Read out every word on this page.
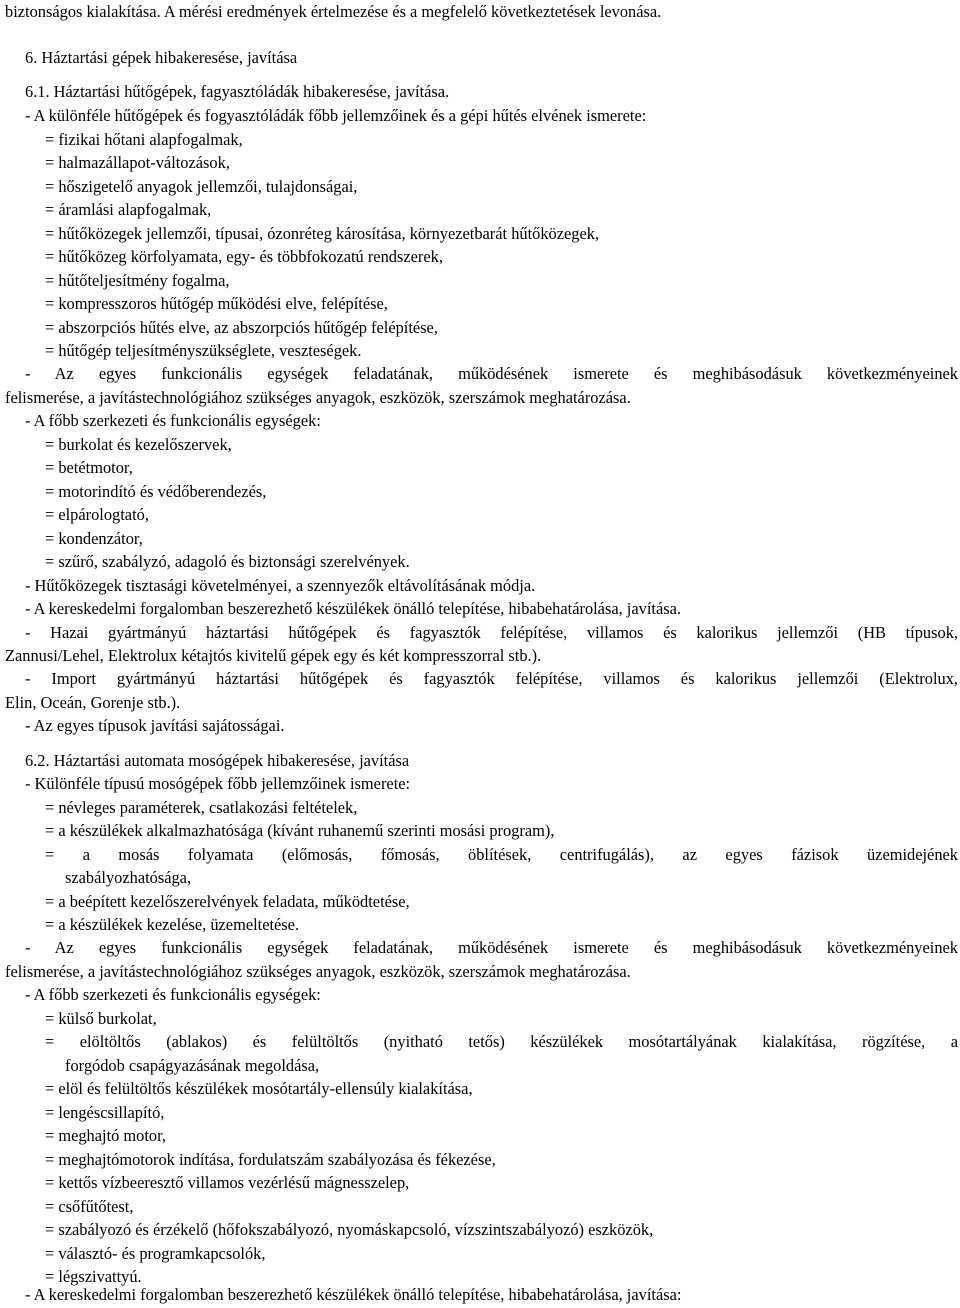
biztonságos kialakítása. A mérési eredmények értelmezése és a megfelelő következtetések levonása.
6. Háztartási gépek hibakeresése, javítása
6.1. Háztartási hűtőgépek, fagyasztóládák hibakeresése, javítása.
- A különféle hűtőgépek és fogyasztóládák főbb jellemzőinek és a gépi hűtés elvének ismerete:
= fizikai hőtani alapfogalmak,
= halmazállapot-változások,
= hőszigetelő anyagok jellemzői, tulajdonságai,
= áramlási alapfogalmak,
= hűtőközegek jellemzői, típusai, ózonréteg károsítása, környezetbarát hűtőközegek,
= hűtőközeg körfolyamata, egy- és többfokozatú rendszerek,
= hűtőteljesítmény fogalma,
= kompresszoros hűtőgép működési elve, felépítése,
= abszorpciós hűtés elve, az abszorpciós hűtőgép felépítése,
= hűtőgép teljesítményszükséglete, veszteségek.
- Az egyes funkcionális egységek feladatának, működésének ismerete és meghibásodásuk következményeinek
felismerése, a javítástechnológiához szükséges anyagok, eszközök, szerszámok meghatározása.
- A főbb szerkezeti és funkcionális egységek:
= burkolat és kezelőszervek,
= betétmotor,
= motorindító és védőberendezés,
= elpárologtató,
= kondenzátor,
= szűrő, szabályzó, adagoló és biztonsági szerelvények.
- Hűtőközegek tisztasági követelményei, a szennyezők eltávolításának módja.
- A kereskedelmi forgalomban beszerezhető készülékek önálló telepítése, hibabehatárolása, javítása.
- Hazai gyártmányú háztartási hűtőgépek és fagyasztók felépítése, villamos és kalorikus jellemzői (HB típusok,
Zannusi/Lehel, Elektrolux kétajtós kivitelű gépek egy és két kompresszorral stb.).
- Import gyártmányú háztartási hűtőgépek és fagyasztók felépítése, villamos és kalorikus jellemzői (Elektrolux,
Elin, Oceán, Gorenje stb.).
- Az egyes típusok javítási sajátosságai.
6.2. Háztartási automata mosógépek hibakeresése, javítása
- Különféle típusú mosógépek főbb jellemzőinek ismerete:
= névleges paraméterek, csatlakozási feltételek,
= a készülékek alkalmazhatósága (kívánt ruhanemű szerinti mosási program),
= a mosás folyamata (előmosás, főmosás, öblítések, centrifugálás), az egyes fázisok üzemidejének
szabályozhatósága,
= a beépített kezelőszerelvények feladata, működtetése,
= a készülékek kezelése, üzemeltetése.
- Az egyes funkcionális egységek feladatának, működésének ismerete és meghibásodásuk következményeinek
felismerése, a javítástechnológiához szükséges anyagok, eszközök, szerszámok meghatározása.
- A főbb szerkezeti és funkcionális egységek:
= külső burkolat,
= elöltöltős (ablakos) és felültöltős (nyitható tetős) készülékek mosótartályának kialakítása, rögzítése, a
forgódob csapágyazásának megoldása,
= elöl és felültöltős készülékek mosótartály-ellensúly kialakítása,
= lengéscsillapító,
= meghajtó motor,
= meghajtómotorok indítása, fordulatszám szabályozása és fékezése,
= kettős vízbeeresztő villamos vezérlésű mágnesszelep,
= csőfűtőtest,
= szabályozó és érzékelő (hőfokszabályozó, nyomáskapcsoló, vízszintszabályozó) eszközök,
= választó- és programkapcsolók,
= légszivattyú.
- A kereskedelmi forgalomban beszerezhető készülékek önálló telepítése, hibabehatárolása, javítása:
